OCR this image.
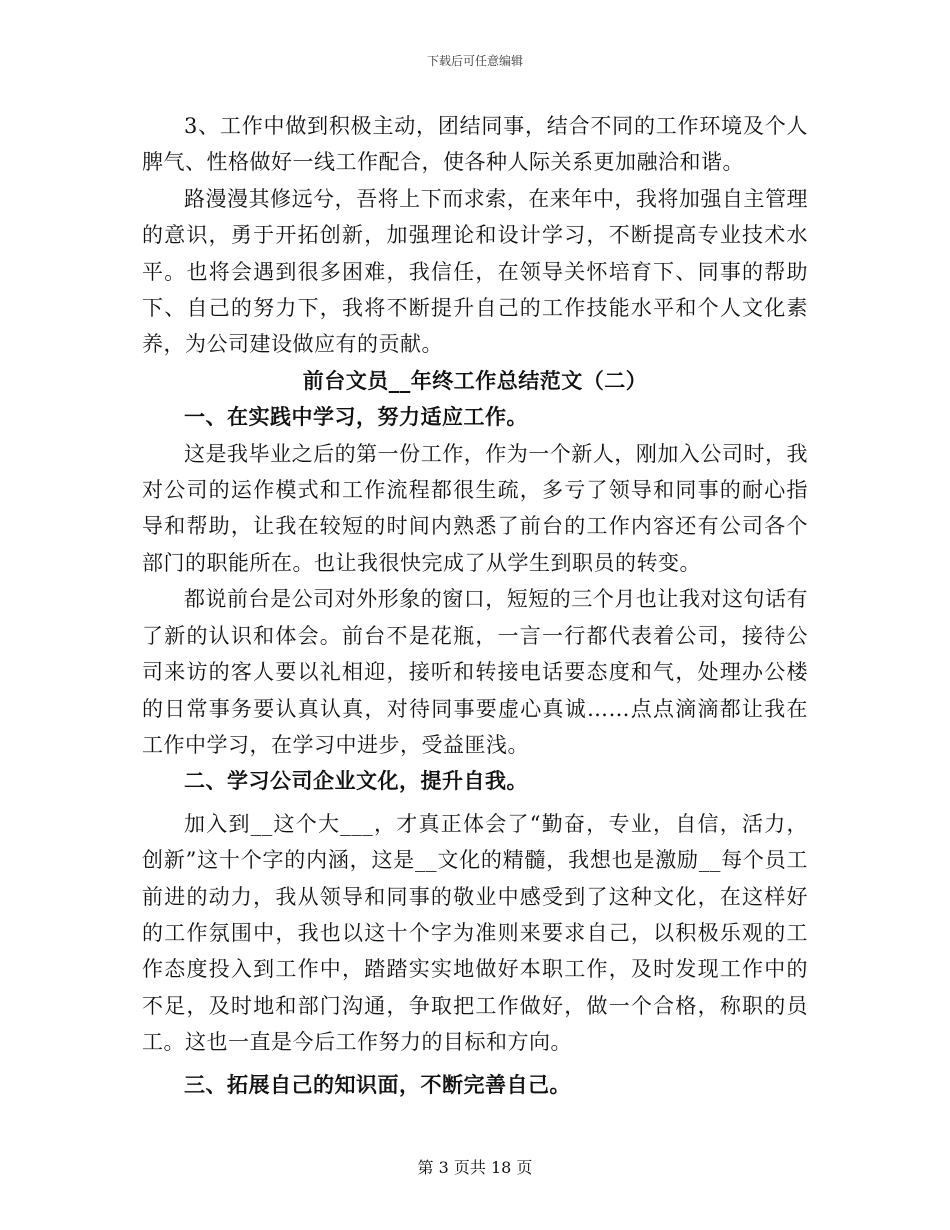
下载后可任意编辑

3、工作中做到积极主动，团结同事，结合不同的工作环境及个人脾气、性格做好一线工作配合，使各种人际关系更加融洽和谐。

路漫漫其修远兮，吾将上下而求索，在来年中，我将加强自主管理的意识，勇于开拓创新，加强理论和设计学习，不断提高专业技术水平。也将会遇到很多困难，我信任，在领导关怀培育下、同事的帮助下、自己的努力下，我将不断提升自己的工作技能水平和个人文化素养，为公司建设做应有的贡献。

前台文员__年终工作总结范文（二）

一、在实践中学习，努力适应工作。

这是我毕业之后的第一份工作，作为一个新人，刚加入公司时，我对公司的运作模式和工作流程都很生疏，多亏了领导和同事的耐心指导和帮助，让我在较短的时间内熟悉了前台的工作内容还有公司各个部门的职能所在。也让我很快完成了从学生到职员的转变。

都说前台是公司对外形象的窗口，短短的三个月也让我对这句话有了新的认识和体会。前台不是花瓶，一言一行都代表着公司，接待公司来访的客人要以礼相迎，接听和转接电话要态度和气，处理办公楼的日常事务要认真认真，对待同事要虚心真诚……点点滴滴都让我在工作中学习，在学习中进步，受益匪浅。

二、学习公司企业文化，提升自我。

加入到__这个大___，才真正体会了“勤奋，专业，自信，活力，创新”这十个字的内涵，这是__文化的精髓，我想也是激励__每个员工前进的动力，我从领导和同事的敬业中感受到了这种文化，在这样好的工作氛围中，我也以这十个字为准则来要求自己，以积极乐观的工作态度投入到工作中，踏踏实实地做好本职工作，及时发现工作中的不足，及时地和部门沟通，争取把工作做好，做一个合格，称职的员工。这也一直是今后工作努力的目标和方向。

三、拓展自己的知识面，不断完善自己。

第 3 页共 18 页
